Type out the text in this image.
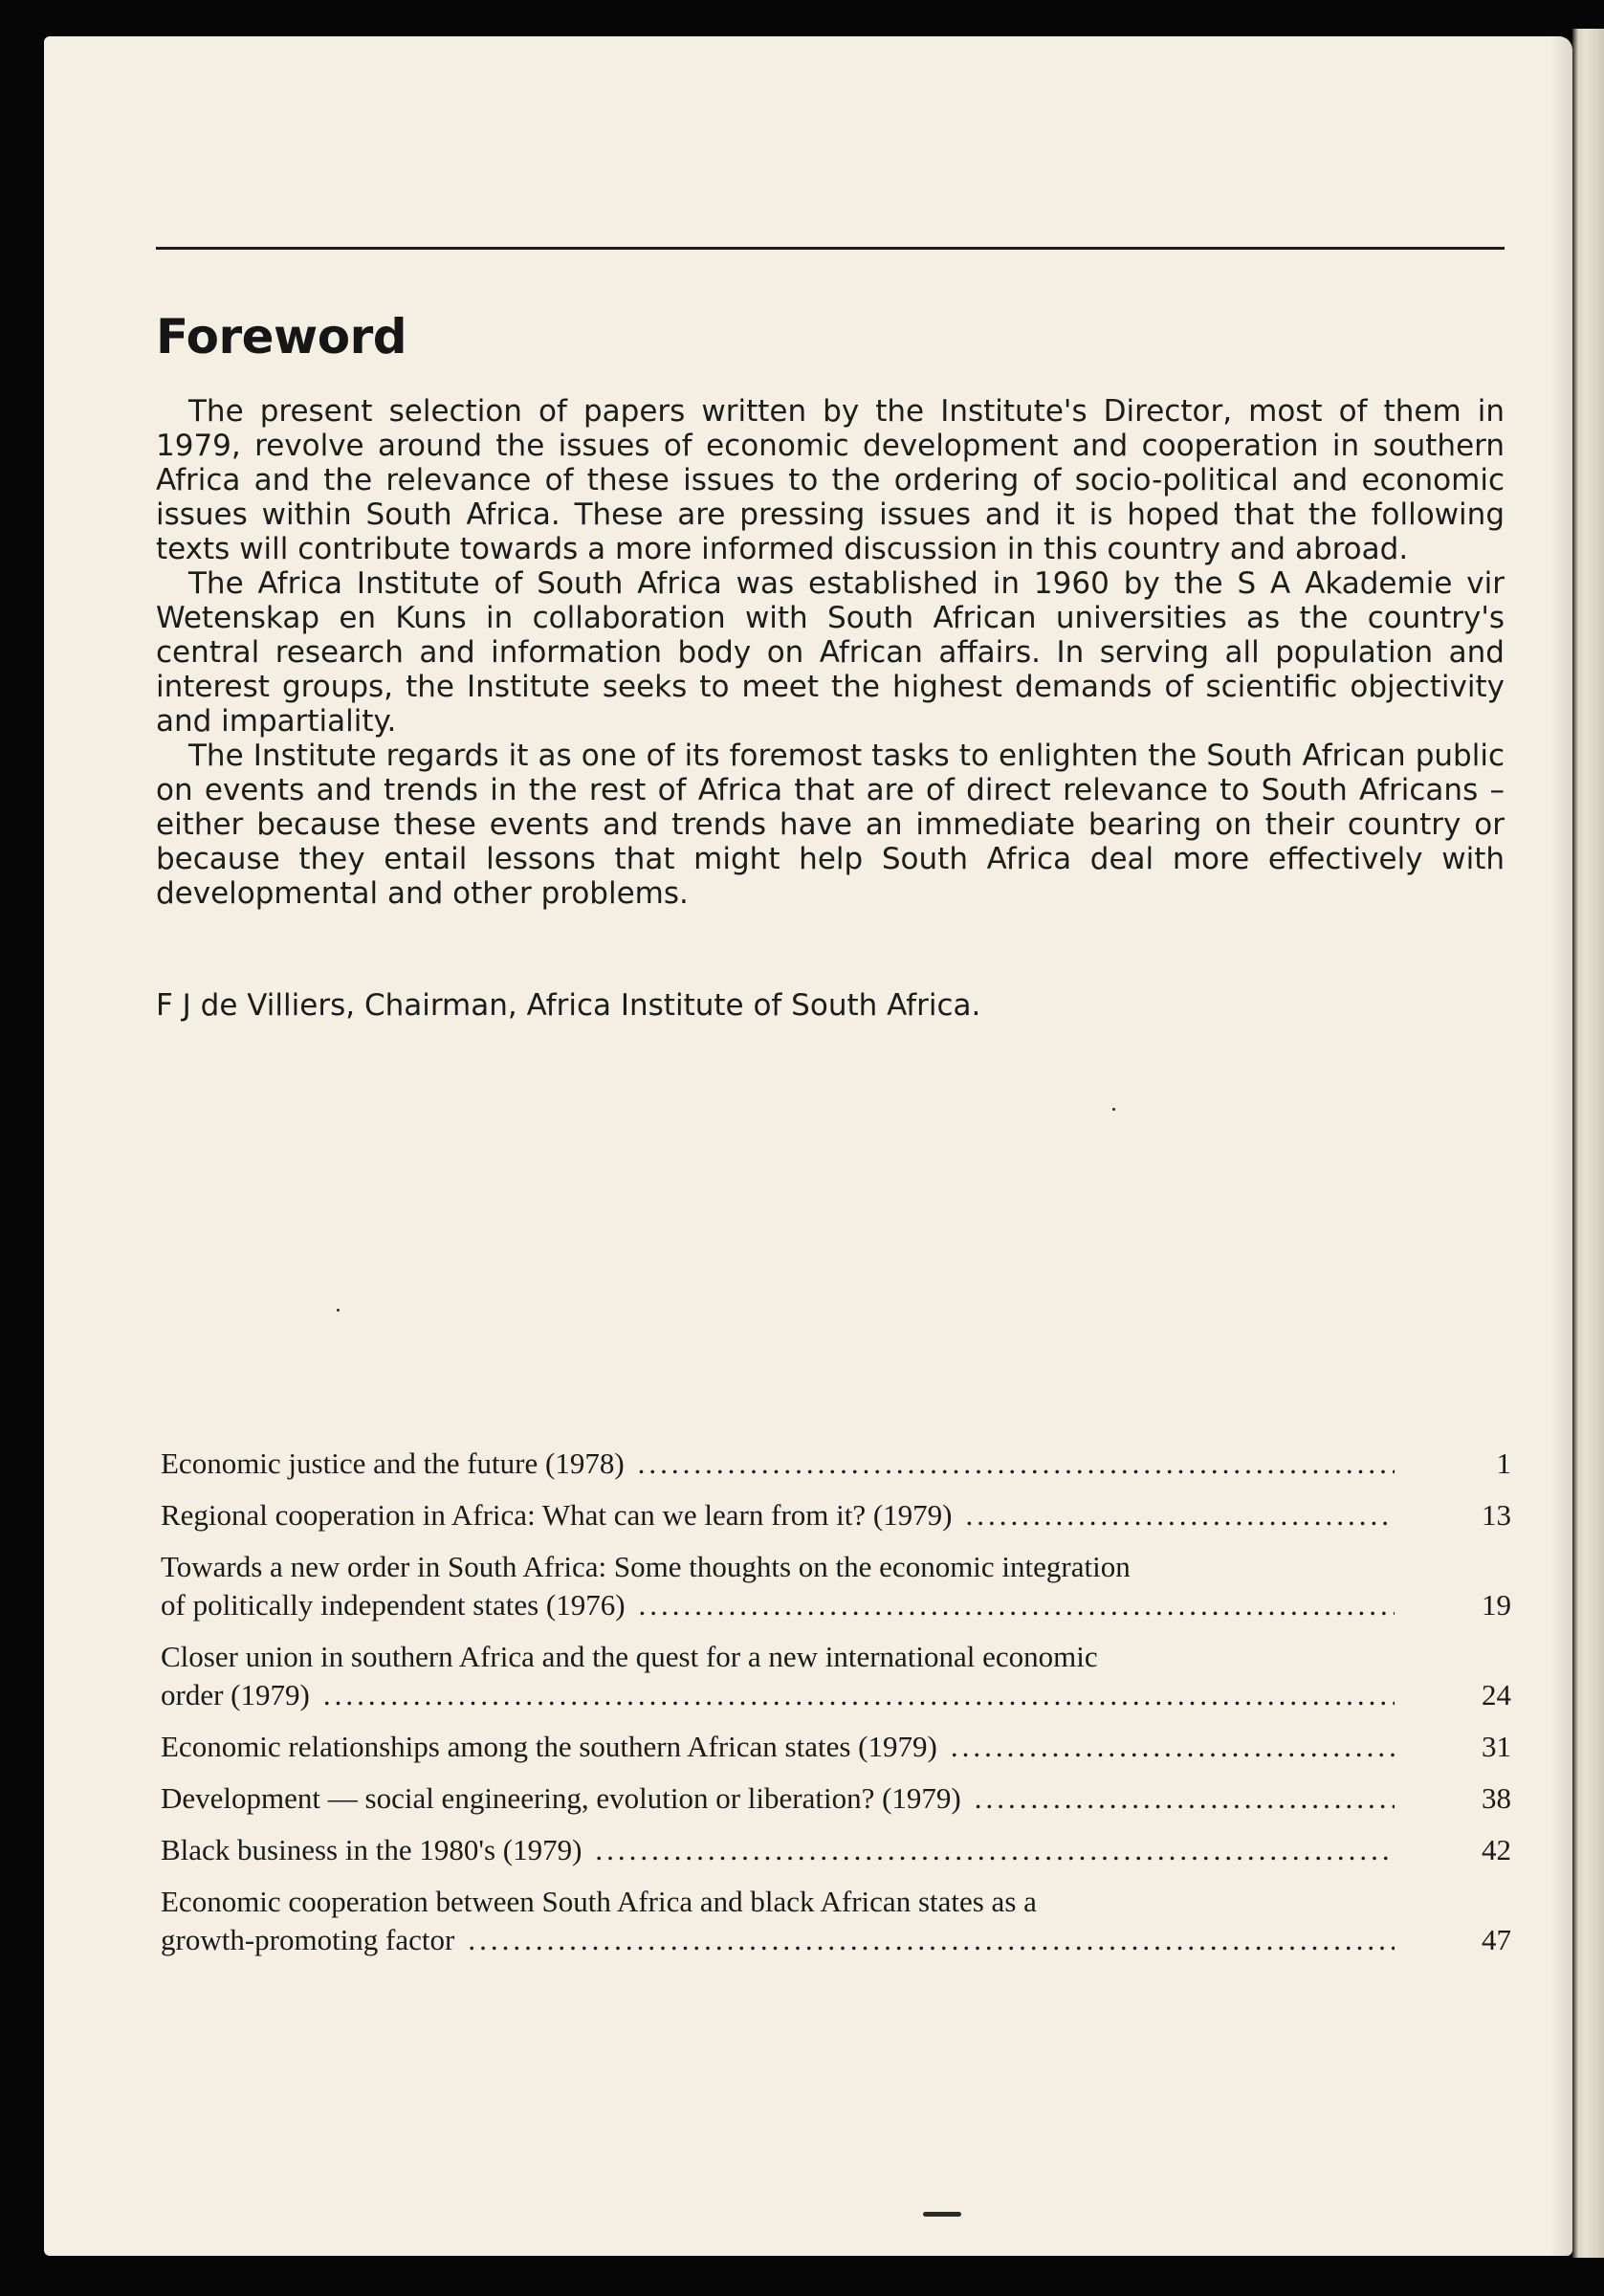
Foreword

The present selection of papers written by the Institute's Director, most of them in 1979, revolve around the issues of economic development and cooperation in southern Africa and the relevance of these issues to the ordering of socio-political and economic issues within South Africa. These are pressing issues and it is hoped that the following texts will contribute towards a more informed discussion in this country and abroad.

The Africa Institute of South Africa was established in 1960 by the S A Akademie vir Wetenskap en Kuns in collaboration with South African universities as the country's central research and information body on African affairs. In serving all population and interest groups, the Institute seeks to meet the highest demands of scientific objectivity and impartiality.

The Institute regards it as one of its foremost tasks to enlighten the South African public on events and trends in the rest of Africa that are of direct relevance to South Africans – either because these events and trends have an immediate bearing on their country or because they entail lessons that might help South Africa deal more effectively with developmental and other problems.

F J de Villiers, Chairman, Africa Institute of South Africa.

Economic justice and the future (1978) .....	1
Regional cooperation in Africa: What can we learn from it? (1979) .....	13
Towards a new order in South Africa: Some thoughts on the economic integration
of politically independent states (1976) .....	19
Closer union in southern Africa and the quest for a new international economic
order (1979) .....	24
Economic relationships among the southern African states (1979) .....	31
Development — social engineering, evolution or liberation? (1979) .....	38
Black business in the 1980's (1979) .....	42
Economic cooperation between South Africa and black African states as a
growth-promoting factor .....	47
